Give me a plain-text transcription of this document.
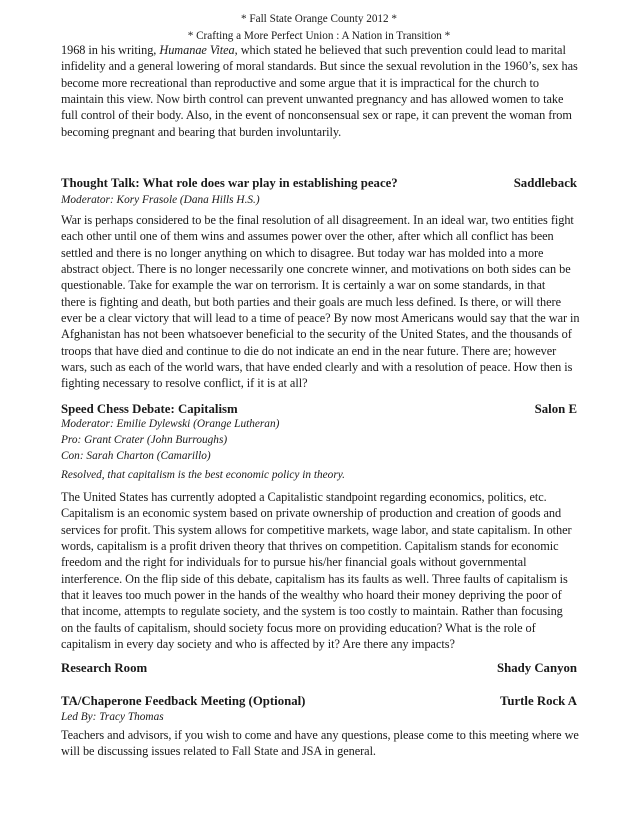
* Fall State Orange County 2012 *
* Crafting a More Perfect Union : A Nation in Transition *
1968 in his writing, Humanae Vitea, which stated he believed that such prevention could lead to marital
infidelity and a general lowering of moral standards. But since the sexual revolution in the 1960’s, sex has
become more recreational than reproductive and some argue that it is impractical for the church to
maintain this view. Now birth control can prevent unwanted pregnancy and has allowed women to take
full control of their body. Also, in the event of nonconsensual sex or rape, it can prevent the woman from
becoming pregnant and bearing that burden involuntarily.
Thought Talk: What role does war play in establishing peace?	Saddleback
Moderator: Kory Frasole (Dana Hills H.S.)
War is perhaps considered to be the final resolution of all disagreement. In an ideal war, two entities fight
each other until one of them wins and assumes power over the other, after which all conflict has been
settled and there is no longer anything on which to disagree. But today war has molded into a more
abstract object. There is no longer necessarily one concrete winner, and motivations on both sides can be
questionable. Take for example the war on terrorism. It is certainly a war on some standards, in that
there is fighting and death, but both parties and their goals are much less defined. Is there, or will there
ever be a clear victory that will lead to a time of peace? By now most Americans would say that the war in
Afghanistan has not been whatsoever beneficial to the security of the United States, and the thousands of
troops that have died and continue to die do not indicate an end in the near future. There are; however
wars, such as each of the world wars, that have ended clearly and with a resolution of peace. How then is
fighting necessary to resolve conflict, if it is at all?
Speed Chess Debate: Capitalism	Salon E
Moderator: Emilie Dylewski (Orange Lutheran)
Pro: Grant Crater (John Burroughs)
Con: Sarah Charton (Camarillo)
Resolved, that capitalism is the best economic policy in theory.
The United States has currently adopted a Capitalistic standpoint regarding economics, politics, etc.
Capitalism is an economic system based on private ownership of production and creation of goods and
services for profit. This system allows for competitive markets, wage labor, and state capitalism. In other
words, capitalism is a profit driven theory that thrives on competition. Capitalism stands for economic
freedom and the right for individuals for to pursue his/her financial goals without governmental
interference. On the flip side of this debate, capitalism has its faults as well. Three faults of capitalism is
that it leaves too much power in the hands of the wealthy who hoard their money depriving the poor of
that income, attempts to regulate society, and the system is too costly to maintain. Rather than focusing
on the faults of capitalism, should society focus more on providing education? What is the role of
capitalism in every day society and who is affected by it? Are there any impacts?
Research Room	Shady Canyon
TA/Chaperone Feedback Meeting (Optional)	Turtle Rock A
Led By: Tracy Thomas
Teachers and advisors, if you wish to come and have any questions, please come to this meeting where we
will be discussing issues related to Fall State and JSA in general.
